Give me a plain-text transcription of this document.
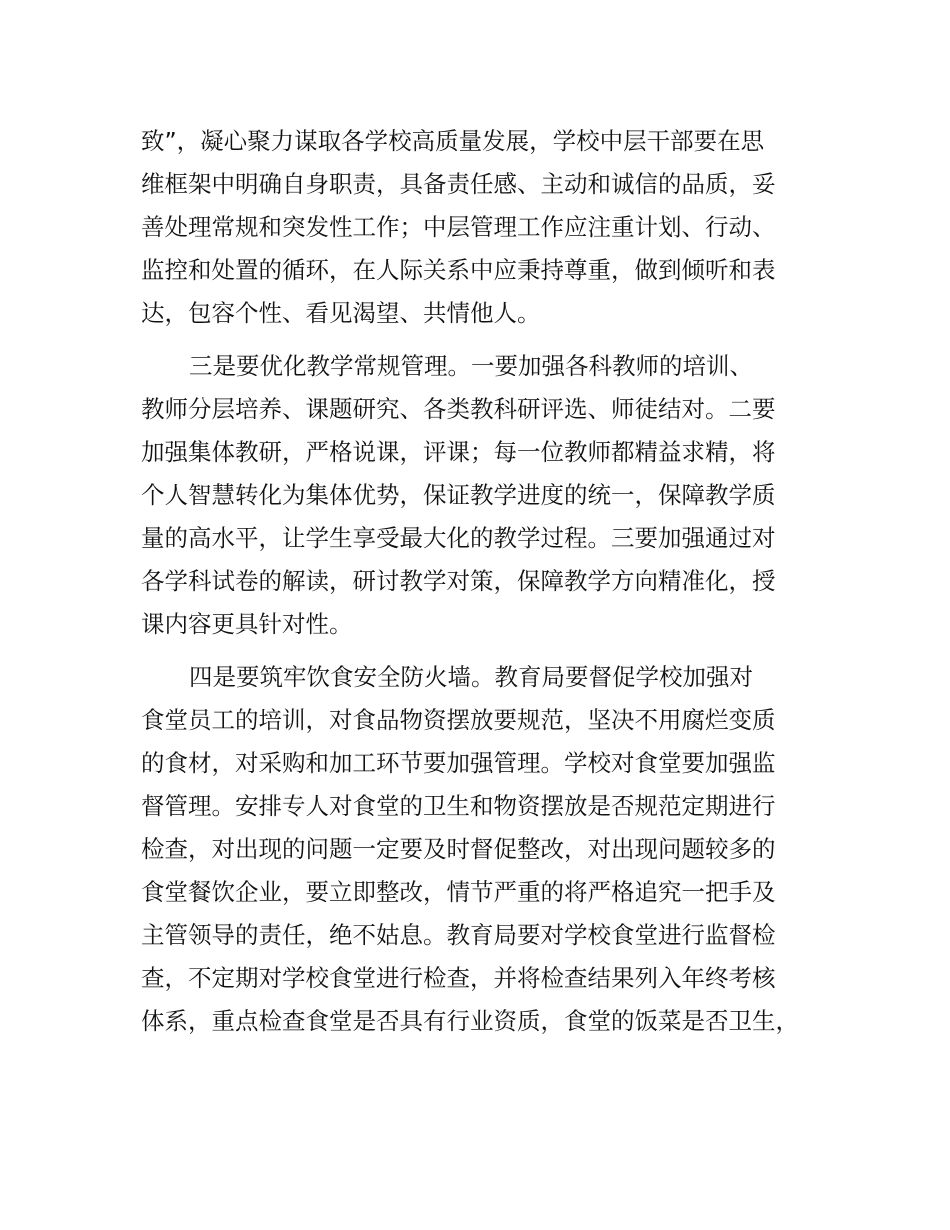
致”，凝心聚力谋取各学校高质量发展，学校中层干部要在思
维框架中明确自身职责，具备责任感、主动和诚信的品质，妥
善处理常规和突发性工作；中层管理工作应注重计划、行动、
监控和处置的循环，在人际关系中应秉持尊重，做到倾听和表
达，包容个性、看见渴望、共情他人。
三是要优化教学常规管理。一要加强各科教师的培训、
教师分层培养、课题研究、各类教科研评选、师徒结对。二要
加强集体教研，严格说课，评课；每一位教师都精益求精，将
个人智慧转化为集体优势，保证教学进度的统一，保障教学质
量的高水平，让学生享受最大化的教学过程。三要加强通过对
各学科试卷的解读，研讨教学对策，保障教学方向精准化，授
课内容更具针对性。
四是要筑牢饮食安全防火墙。教育局要督促学校加强对
食堂员工的培训，对食品物资摆放要规范，坚决不用腐烂变质
的食材，对采购和加工环节要加强管理。学校对食堂要加强监
督管理。安排专人对食堂的卫生和物资摆放是否规范定期进行
检查，对出现的问题一定要及时督促整改，对出现问题较多的
食堂餐饮企业，要立即整改，情节严重的将严格追究一把手及
主管领导的责任，绝不姑息。教育局要对学校食堂进行监督检
查，不定期对学校食堂进行检查，并将检查结果列入年终考核
体系，重点检查食堂是否具有行业资质，食堂的饭菜是否卫生，
